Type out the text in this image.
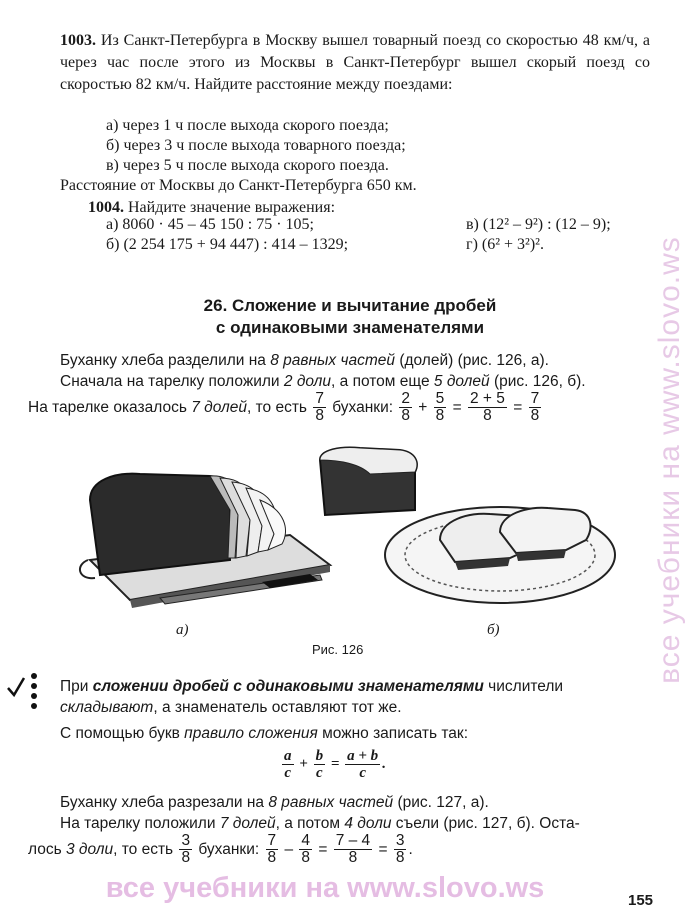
1003. Из Санкт-Петербурга в Москву вышел товарный поезд со скоростью 48 км/ч, а через час после этого из Москвы в Санкт-Петербург вышел скорый поезд со скоростью 82 км/ч. Найдите расстояние между поездами:
а) через 1 ч после выхода скорого поезда;
б) через 3 ч после выхода товарного поезда;
в) через 5 ч после выхода скорого поезда.
Расстояние от Москвы до Санкт-Петербурга 650 км.
1004. Найдите значение выражения:
а) 8060 · 45 – 45 150 : 75 · 105;	в) (12² – 9²) : (12 – 9);
б) (2 254 175 + 94 447) : 414 – 1329;	г) (6² + 3²)².
26. Сложение и вычитание дробей
с одинаковыми знаменателями
Буханку хлеба разделили на 8 равных частей (долей) (рис. 126, а).
Сначала на тарелку положили 2 доли, а потом еще 5 долей (рис. 126, б).
На тарелке оказалось 7 долей, то есть $\frac{7}{8}$ буханки: $\frac{2}{8} + \frac{5}{8} = \frac{2 + 5}{8} = \frac{7}{8}$
а)	б)
Рис. 126
При сложении дробей с одинаковыми знаменателями числители складывают, а знаменатель оставляют тот же.
С помощью букв правило сложения можно записать так:
$\frac{a}{c} + \frac{b}{c} = \frac{a + b}{c}$ .
Буханку хлеба разрезали на 8 равных частей (рис. 127, а).
На тарелку положили 7 долей, а потом 4 доли съели (рис. 127, б). Оста-
лось 3 доли, то есть $\frac{3}{8}$ буханки: $\frac{7}{8} - \frac{4}{8} = \frac{7 - 4}{8} = \frac{3}{8}$ .
все учебники на www.slovo.ws
все учебники на www.slovo.ws	155
